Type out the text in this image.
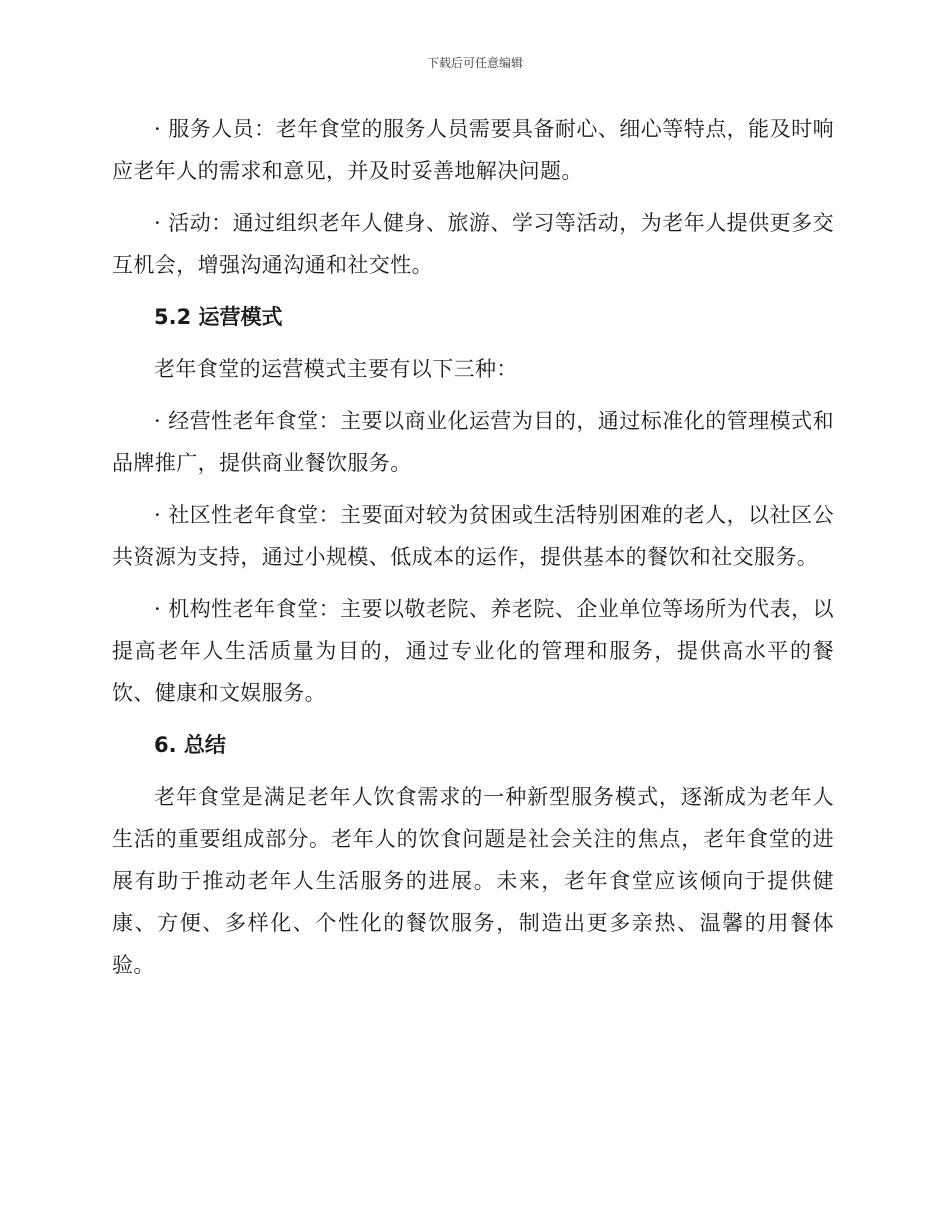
下载后可任意编辑

· 服务人员：老年食堂的服务人员需要具备耐心、细心等特点，能及时响应老年人的需求和意见，并及时妥善地解决问题。

· 活动：通过组织老年人健身、旅游、学习等活动，为老年人提供更多交互机会，增强沟通沟通和社交性。

5.2 运营模式

老年食堂的运营模式主要有以下三种：

· 经营性老年食堂：主要以商业化运营为目的，通过标准化的管理模式和品牌推广，提供商业餐饮服务。

· 社区性老年食堂：主要面对较为贫困或生活特别困难的老人，以社区公共资源为支持，通过小规模、低成本的运作，提供基本的餐饮和社交服务。

· 机构性老年食堂：主要以敬老院、养老院、企业单位等场所为代表，以提高老年人生活质量为目的，通过专业化的管理和服务，提供高水平的餐饮、健康和文娱服务。

6. 总结

老年食堂是满足老年人饮食需求的一种新型服务模式，逐渐成为老年人生活的重要组成部分。老年人的饮食问题是社会关注的焦点，老年食堂的进展有助于推动老年人生活服务的进展。未来，老年食堂应该倾向于提供健康、方便、多样化、个性化的餐饮服务，制造出更多亲热、温馨的用餐体验。
